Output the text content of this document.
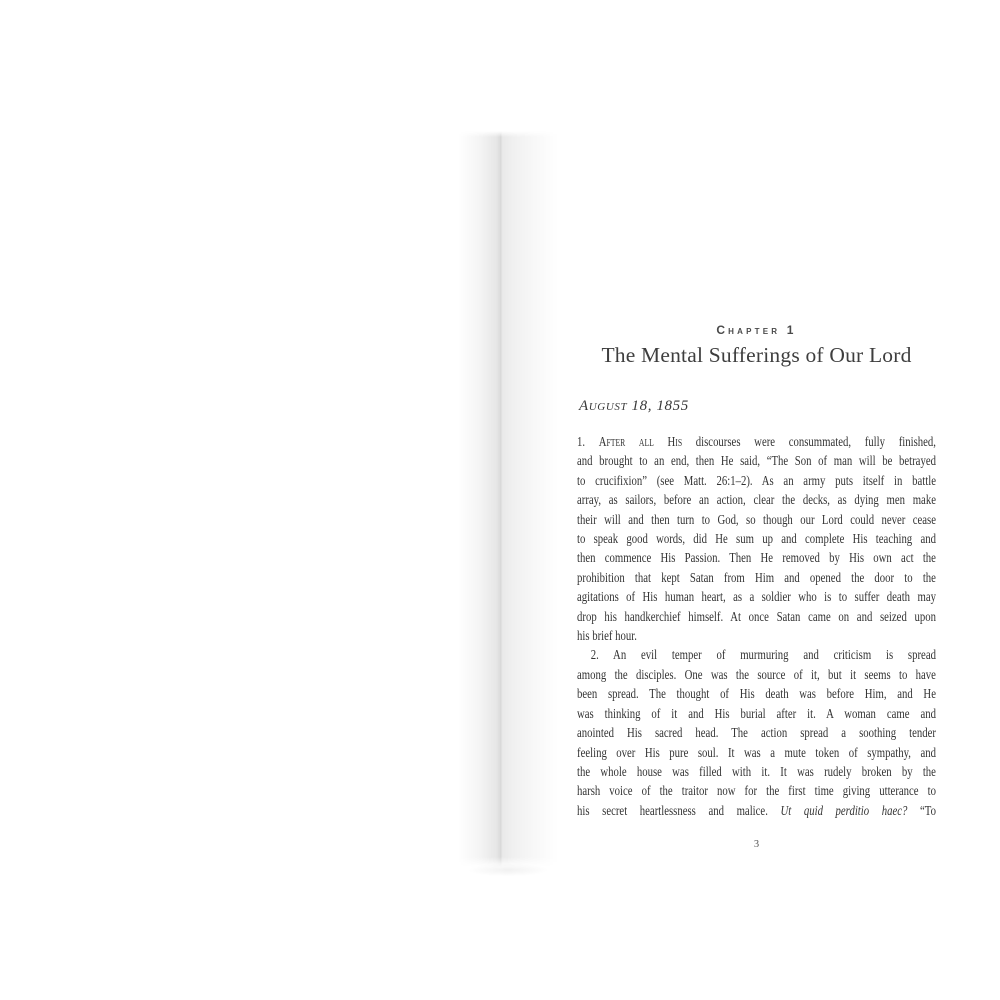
Chapter 1
The Mental Sufferings of Our Lord
August 18, 1855
1. After all His discourses were consummated, fully finished,
and brought to an end, then He said, “The Son of man will be betrayed
to crucifixion” (see Matt. 26:1–2). As an army puts itself in battle
array, as sailors, before an action, clear the decks, as dying men make
their will and then turn to God, so though our Lord could never cease
to speak good words, did He sum up and complete His teaching and
then commence His Passion. Then He removed by His own act the
prohibition that kept Satan from Him and opened the door to the
agitations of His human heart, as a soldier who is to suffer death may
drop his handkerchief himself. At once Satan came on and seized upon
his brief hour.
2. An evil temper of murmuring and criticism is spread
among the disciples. One was the source of it, but it seems to have
been spread. The thought of His death was before Him, and He
was thinking of it and His burial after it. A woman came and
anointed His sacred head. The action spread a soothing tender
feeling over His pure soul. It was a mute token of sympathy, and
the whole house was filled with it. It was rudely broken by the
harsh voice of the traitor now for the first time giving utterance to
his secret heartlessness and malice. Ut quid perditio haec? “To
3
